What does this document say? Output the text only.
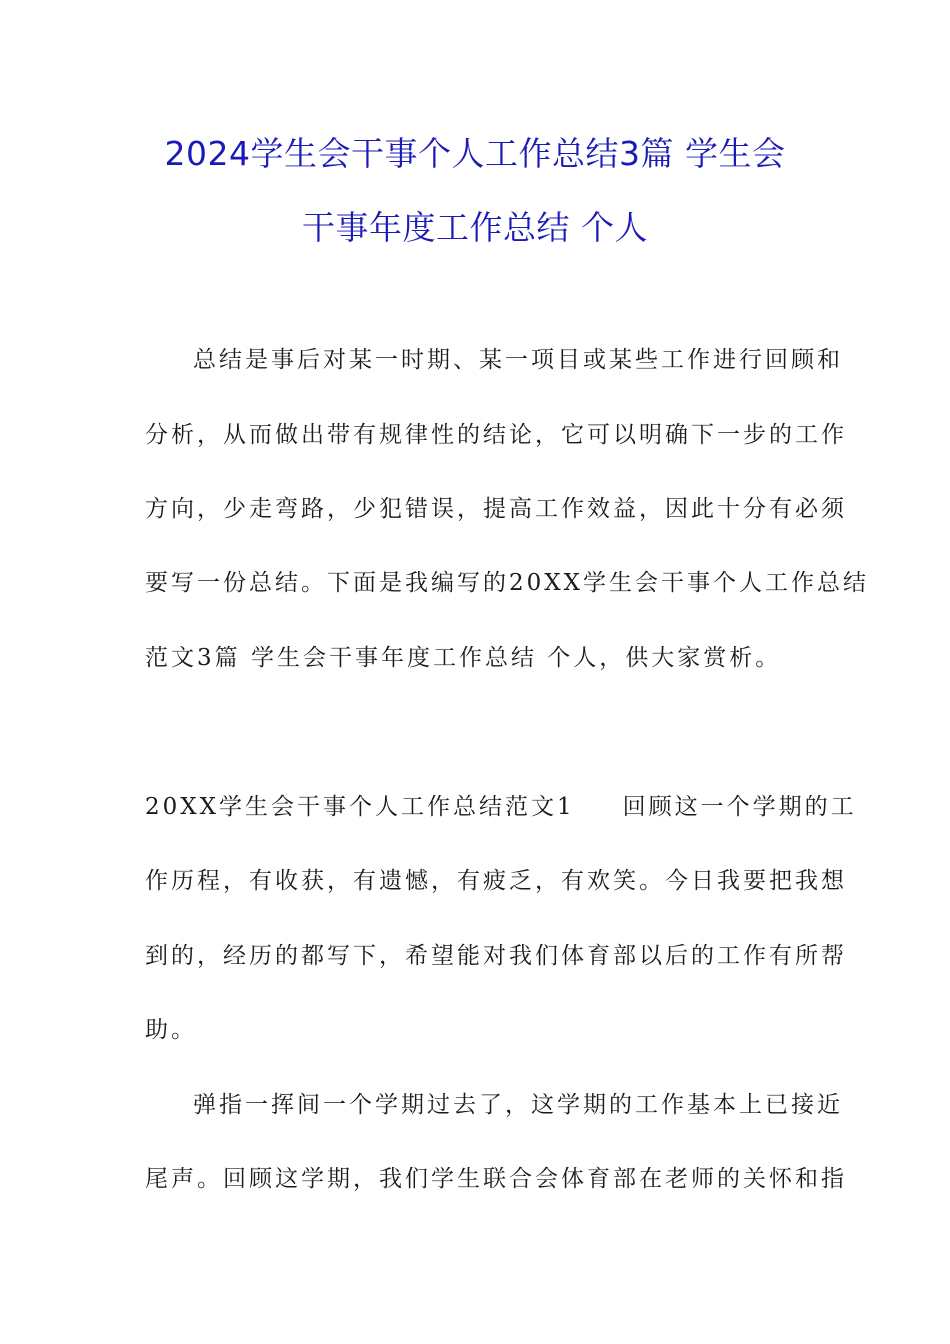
2024学生会干事个人工作总结3篇 学生会
干事年度工作总结 个人
总结是事后对某一时期、某一项目或某些工作进行回顾和
分析，从而做出带有规律性的结论，它可以明确下一步的工作
方向，少走弯路，少犯错误，提高工作效益，因此十分有必须
要写一份总结。下面是我编写的20XX学生会干事个人工作总结
范文3篇 学生会干事年度工作总结 个人，供大家赏析。
20XX学生会干事个人工作总结范文1 回顾这一个学期的工
作历程，有收获，有遗憾，有疲乏，有欢笑。今日我要把我想
到的，经历的都写下，希望能对我们体育部以后的工作有所帮
助。
弹指一挥间一个学期过去了，这学期的工作基本上已接近
尾声。回顾这学期，我们学生联合会体育部在老师的关怀和指
